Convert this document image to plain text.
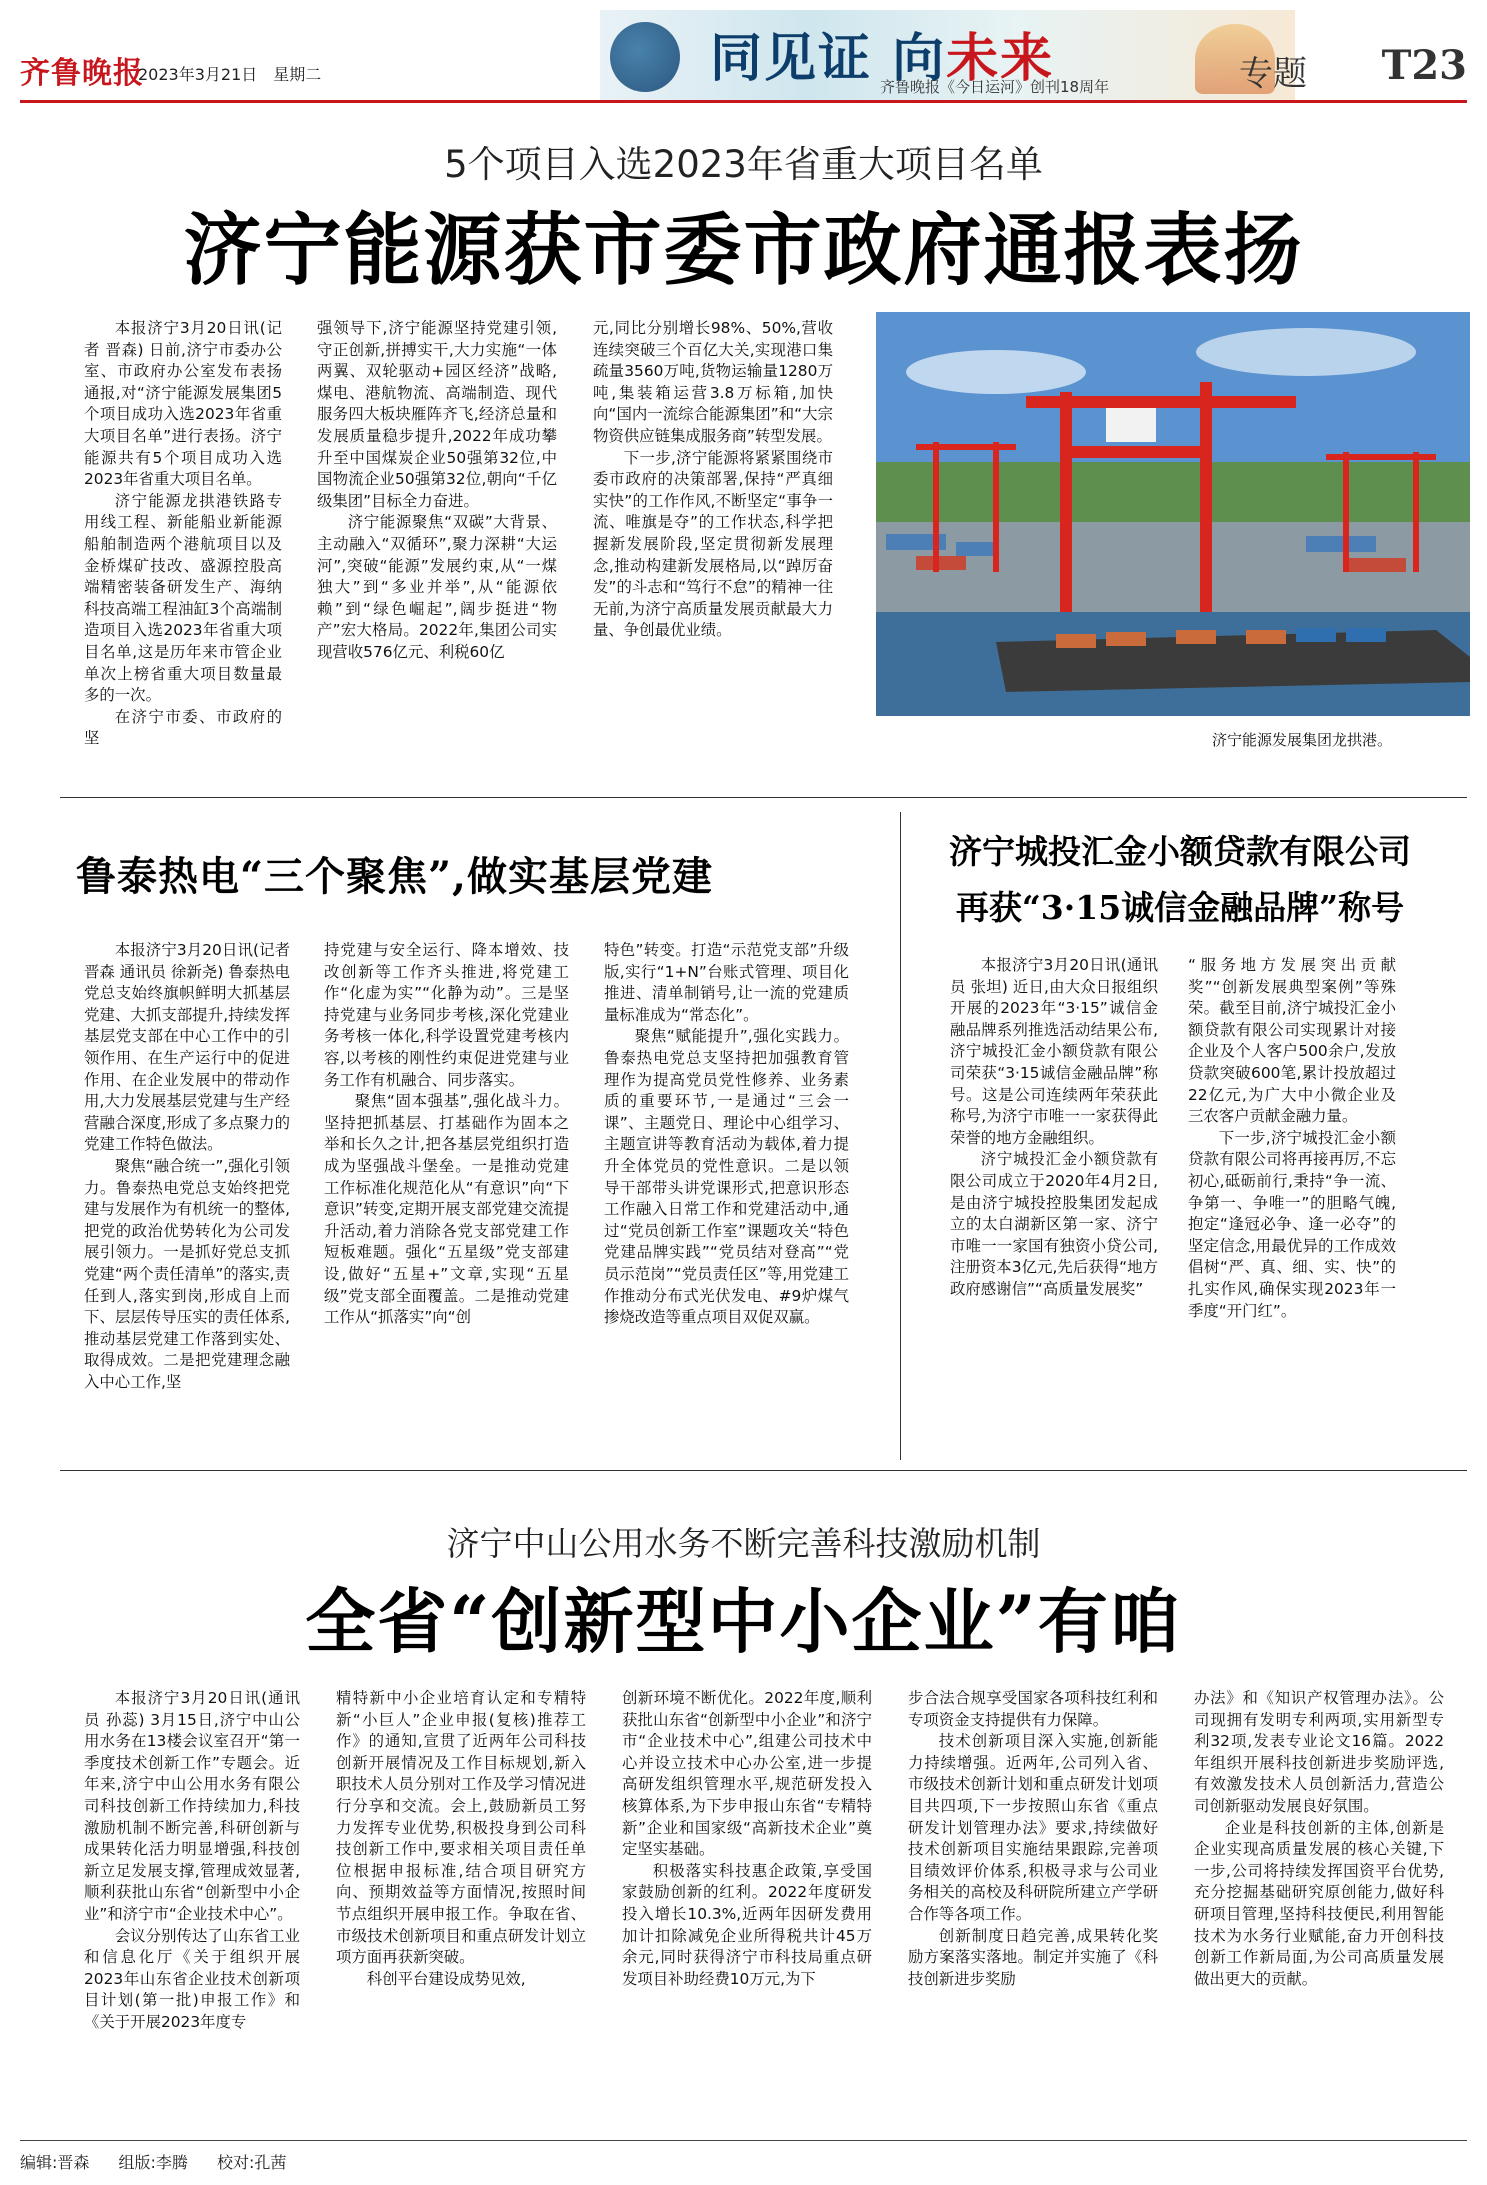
齐鲁晚报
2023年3月21日　星期二	同见证 向未来
齐鲁晚报《今日运河》创刊18周年	专题 T23
5个项目入选2023年省重大项目名单
济宁能源获市委市政府通报表扬

本报济宁3月20日讯(记者 晋森) 日前,济宁市委办公室、市政府办公室发布表扬通报,对“济宁能源发展集团5个项目成功入选2023年省重大项目名单”进行表扬。济宁能源共有5个项目成功入选2023年省重大项目名单。

济宁能源龙拱港铁路专用线工程、新能船业新能源船舶制造两个港航项目以及金桥煤矿技改、盛源控股高端精密装备研发生产、海纳科技高端工程油缸3个高端制造项目入选2023年省重大项目名单,这是历年来市管企业单次上榜省重大项目数量最多的一次。

在济宁市委、市政府的坚

强领导下,济宁能源坚持党建引领,守正创新,拼搏实干,大力实施“一体两翼、双轮驱动+园区经济”战略,煤电、港航物流、高端制造、现代服务四大板块雁阵齐飞,经济总量和发展质量稳步提升,2022年成功攀升至中国煤炭企业50强第32位,中国物流企业50强第32位,朝向“千亿级集团”目标全力奋进。

济宁能源聚焦“双碳”大背景、主动融入“双循环”,聚力深耕“大运河”,突破“能源”发展约束,从“一煤独大”到“多业并举”,从“能源依赖”到“绿色崛起”,阔步挺进“物产”宏大格局。2022年,集团公司实现营收576亿元、利税60亿

元,同比分别增长98%、50%,营收连续突破三个百亿大关,实现港口集疏量3560万吨,货物运输量1280万吨,集装箱运营3.8万标箱,加快向“国内一流综合能源集团”和“大宗物资供应链集成服务商”转型发展。

下一步,济宁能源将紧紧围绕市委市政府的决策部署,保持“严真细实快”的工作作风,不断坚定“事争一流、唯旗是夺”的工作状态,科学把握新发展阶段,坚定贯彻新发展理念,推动构建新发展格局,以“踔厉奋发”的斗志和“笃行不怠”的精神一往无前,为济宁高质量发展贡献最大力量、争创最优业绩。

济宁能源发展集团龙拱港。
鲁泰热电“三个聚焦”,做实基层党建

本报济宁3月20日讯(记者 晋森 通讯员 徐新尧) 鲁泰热电党总支始终旗帜鲜明大抓基层党建、大抓支部提升,持续发挥基层党支部在中心工作中的引领作用、在生产运行中的促进作用、在企业发展中的带动作用,大力发展基层党建与生产经营融合深度,形成了多点聚力的党建工作特色做法。

聚焦“融合统一”,强化引领力。鲁泰热电党总支始终把党建与发展作为有机统一的整体,把党的政治优势转化为公司发展引领力。一是抓好党总支抓党建“两个责任清单”的落实,责任到人,落实到岗,形成自上而下、层层传导压实的责任体系,推动基层党建工作落到实处、取得成效。二是把党建理念融入中心工作,坚

持党建与安全运行、降本增效、技改创新等工作齐头推进,将党建工作“化虚为实”“化静为动”。三是坚持党建与业务同步考核,深化党建业务考核一体化,科学设置党建考核内容,以考核的刚性约束促进党建与业务工作有机融合、同步落实。

聚焦“固本强基”,强化战斗力。坚持把抓基层、打基础作为固本之举和长久之计,把各基层党组织打造成为坚强战斗堡垒。一是推动党建工作标准化规范化从“有意识”向“下意识”转变,定期开展支部党建交流提升活动,着力消除各党支部党建工作短板难题。强化“五星级”党支部建设,做好“五星+”文章,实现“五星级”党支部全面覆盖。二是推动党建工作从“抓落实”向“创

特色”转变。打造“示范党支部”升级版,实行“1+N”台账式管理、项目化推进、清单制销号,让一流的党建质量标准成为“常态化”。

聚焦“赋能提升”,强化实践力。鲁泰热电党总支坚持把加强教育管理作为提高党员党性修养、业务素质的重要环节,一是通过“三会一课”、主题党日、理论中心组学习、主题宣讲等教育活动为载体,着力提升全体党员的党性意识。二是以领导干部带头讲党课形式,把意识形态工作融入日常工作和党建活动中,通过“党员创新工作室”课题攻关“特色党建品牌实践”“党员结对登高”“党员示范岗”“党员责任区”等,用党建工作推动分布式光伏发电、#9炉煤气掺烧改造等重点项目双促双赢。

济宁城投汇金小额贷款有限公司
再获“3·15诚信金融品牌”称号

本报济宁3月20日讯(通讯员 张坦) 近日,由大众日报组织开展的2023年“3·15”诚信金融品牌系列推选活动结果公布,济宁城投汇金小额贷款有限公司荣获“3·15诚信金融品牌”称号。这是公司连续两年荣获此称号,为济宁市唯一一家获得此荣誉的地方金融组织。

济宁城投汇金小额贷款有限公司成立于2020年4月2日,是由济宁城投控股集团发起成立的太白湖新区第一家、济宁市唯一一家国有独资小贷公司,注册资本3亿元,先后获得“地方政府感谢信”“高质量发展奖”

“服务地方发展突出贡献奖”“创新发展典型案例”等殊荣。截至目前,济宁城投汇金小额贷款有限公司实现累计对接企业及个人客户500余户,发放贷款突破600笔,累计投放超过22亿元,为广大中小微企业及三农客户贡献金融力量。

下一步,济宁城投汇金小额贷款有限公司将再接再厉,不忘初心,砥砺前行,秉持“争一流、争第一、争唯一”的胆略气魄,抱定“逢冠必争、逢一必夺”的坚定信念,用最优异的工作成效倡树“严、真、细、实、快”的扎实作风,确保实现2023年一季度“开门红”。

济宁中山公用水务不断完善科技激励机制
全省“创新型中小企业”有咱

本报济宁3月20日讯(通讯员 孙蕊) 3月15日,济宁中山公用水务在13楼会议室召开“第一季度技术创新工作”专题会。近年来,济宁中山公用水务有限公司科技创新工作持续加力,科技激励机制不断完善,科研创新与成果转化活力明显增强,科技创新立足发展支撑,管理成效显著,顺利获批山东省“创新型中小企业”和济宁市“企业技术中心”。

会议分别传达了山东省工业和信息化厅《关于组织开展2023年山东省企业技术创新项目计划(第一批)申报工作》和《关于开展2023年度专

精特新中小企业培育认定和专精特新“小巨人”企业申报(复核)推荐工作》的通知,宣贯了近两年公司科技创新开展情况及工作目标规划,新入职技术人员分别对工作及学习情况进行分享和交流。会上,鼓励新员工努力发挥专业优势,积极投身到公司科技创新工作中,要求相关项目责任单位根据申报标准,结合项目研究方向、预期效益等方面情况,按照时间节点组织开展申报工作。争取在省、市级技术创新项目和重点研发计划立项方面再获新突破。

科创平台建设成势见效,

创新环境不断优化。2022年度,顺利获批山东省“创新型中小企业”和济宁市“企业技术中心”,组建公司技术中心并设立技术中心办公室,进一步提高研发组织管理水平,规范研发投入核算体系,为下步申报山东省“专精特新”企业和国家级“高新技术企业”奠定坚实基础。

积极落实科技惠企政策,享受国家鼓励创新的红利。2022年度研发投入增长10.3%,近两年因研发费用加计扣除减免企业所得税共计45万余元,同时获得济宁市科技局重点研发项目补助经费10万元,为下

步合法合规享受国家各项科技红利和专项资金支持提供有力保障。

技术创新项目深入实施,创新能力持续增强。近两年,公司列入省、市级技术创新计划和重点研发计划项目共四项,下一步按照山东省《重点研发计划管理办法》要求,持续做好技术创新项目实施结果跟踪,完善项目绩效评价体系,积极寻求与公司业务相关的高校及科研院所建立产学研合作等各项工作。

创新制度日趋完善,成果转化奖励方案落实落地。制定并实施了《科技创新进步奖励

办法》和《知识产权管理办法》。公司现拥有发明专利两项,实用新型专利32项,发表专业论文16篇。2022年组织开展科技创新进步奖励评选,有效激发技术人员创新活力,营造公司创新驱动发展良好氛围。

企业是科技创新的主体,创新是企业实现高质量发展的核心关键,下一步,公司将持续发挥国资平台优势,充分挖掘基础研究原创能力,做好科研项目管理,坚持科技便民,利用智能技术为水务行业赋能,奋力开创科技创新工作新局面,为公司高质量发展做出更大的贡献。

编辑:晋森 组版:李腾 校对:孔茜
